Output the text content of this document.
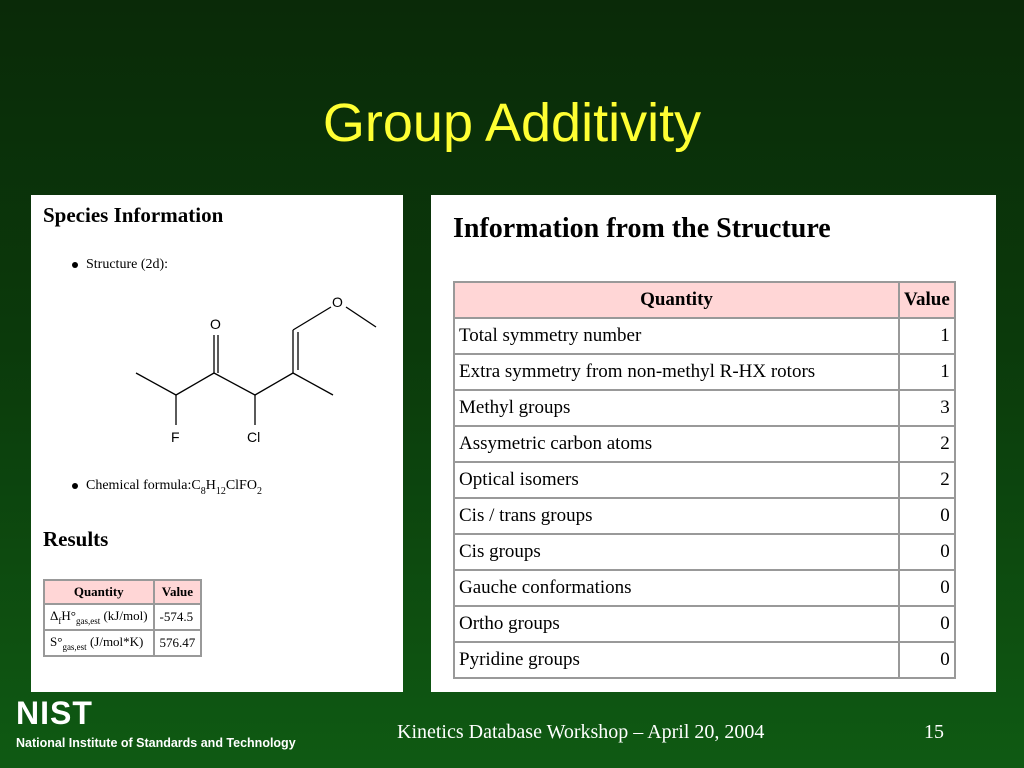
Group Additivity
Species Information
Structure (2d):
O
O
F	Cl
Chemical $formula:C_8H_{12}ClFO_2$
Results
Quantity	Value
$\Delta_fH^\circ_{gas,est}$ (kJ/mol)	-574.5
$S^\circ_{gas,est}$ (J/mol*K)	576.47
Information from the Structure
Quantity	Value
Total symmetry number	1
Extra symmetry from non-methyl R-HX rotors	1
Methyl groups	3
Assymetric carbon atoms	2
Optical isomers	2
Cis / trans groups	0
Cis groups	0
Gauche conformations	0
Ortho groups	0
Pyridine groups	0
NIST
National Institute of Standards and Technology	Kinetics Database Workshop – April 20, 2004	15
